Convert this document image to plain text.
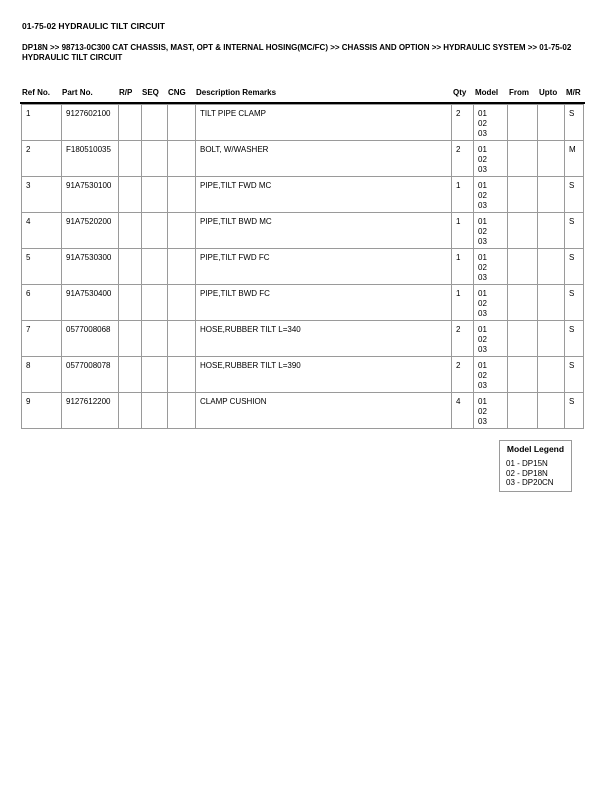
01-75-02 HYDRAULIC TILT CIRCUIT
DP18N >> 98713-0C300 CAT CHASSIS, MAST, OPT & INTERNAL HOSING(MC/FC) >> CHASSIS AND OPTION >> HYDRAULIC SYSTEM >> 01-75-02 HYDRAULIC TILT CIRCUIT
Ref No. Part No.	R/P SEQ CNG Description Remarks	Qty Model From Upto M/R
1	9127602100				TILT PIPE CLAMP	2	01
02
03			S
2	F180510035				BOLT, W/WASHER	2	01
02
03			M
3	91A7530100				PIPE,TILT FWD MC	1	01
02
03			S
4	91A7520200				PIPE,TILT BWD MC	1	01
02
03			S
5	91A7530300				PIPE,TILT FWD FC	1	01
02
03			S
6	91A7530400				PIPE,TILT BWD FC	1	01
02
03			S
7	0577008068				HOSE,RUBBER TILT L=340	2	01
02
03			S
8	0577008078				HOSE,RUBBER TILT L=390	2	01
02
03			S
9	9127612200				CLAMP CUSHION	4	01
02
03			S
Model Legend
01 - DP15N
02 - DP18N
03 - DP20CN
